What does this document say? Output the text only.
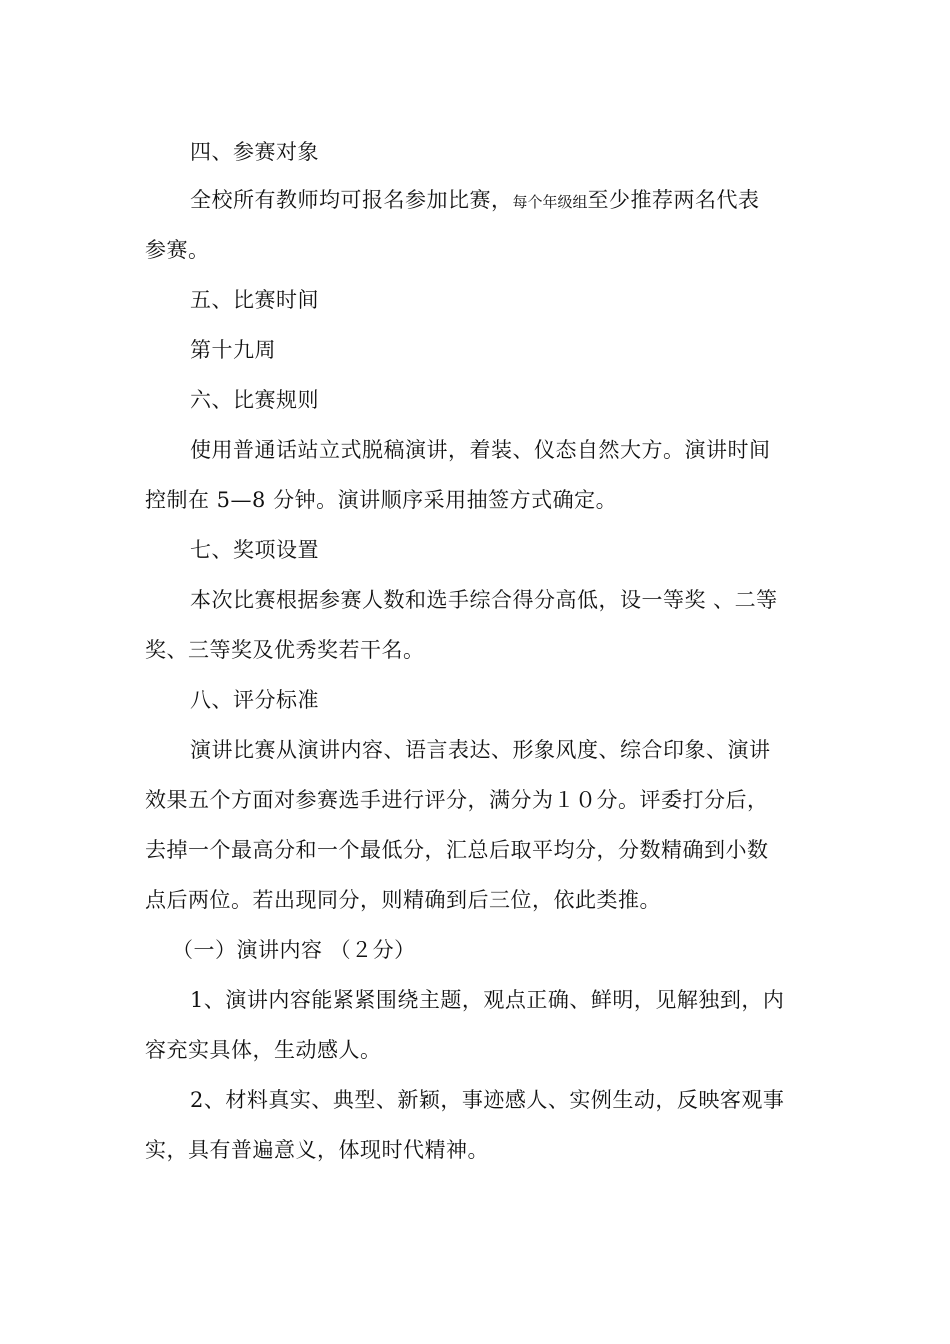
四、参赛对象
全校所有教师均可报名参加比赛，每个年级组至少推荐两名代表
参赛。
五、比赛时间
第十九周
六、比赛规则
使用普通话站立式脱稿演讲，着装、仪态自然大方。演讲时间
控制在 5—8 分钟。演讲顺序采用抽签方式确定。
七、奖项设置
本次比赛根据参赛人数和选手综合得分高低，设一等奖 、二等
奖、三等奖及优秀奖若干名。
八、评分标准
演讲比赛从演讲内容、语言表达、形象风度、综合印象、演讲
效果五个方面对参赛选手进行评分，满分为１０分。评委打分后，
去掉一个最高分和一个最低分，汇总后取平均分，分数精确到小数
点后两位。若出现同分，则精确到后三位，依此类推。
（一）演讲内容 （２分）
1、演讲内容能紧紧围绕主题，观点正确、鲜明，见解独到，内
容充实具体，生动感人。
2、材料真实、典型、新颖，事迹感人、实例生动，反映客观事
实，具有普遍意义，体现时代精神。
